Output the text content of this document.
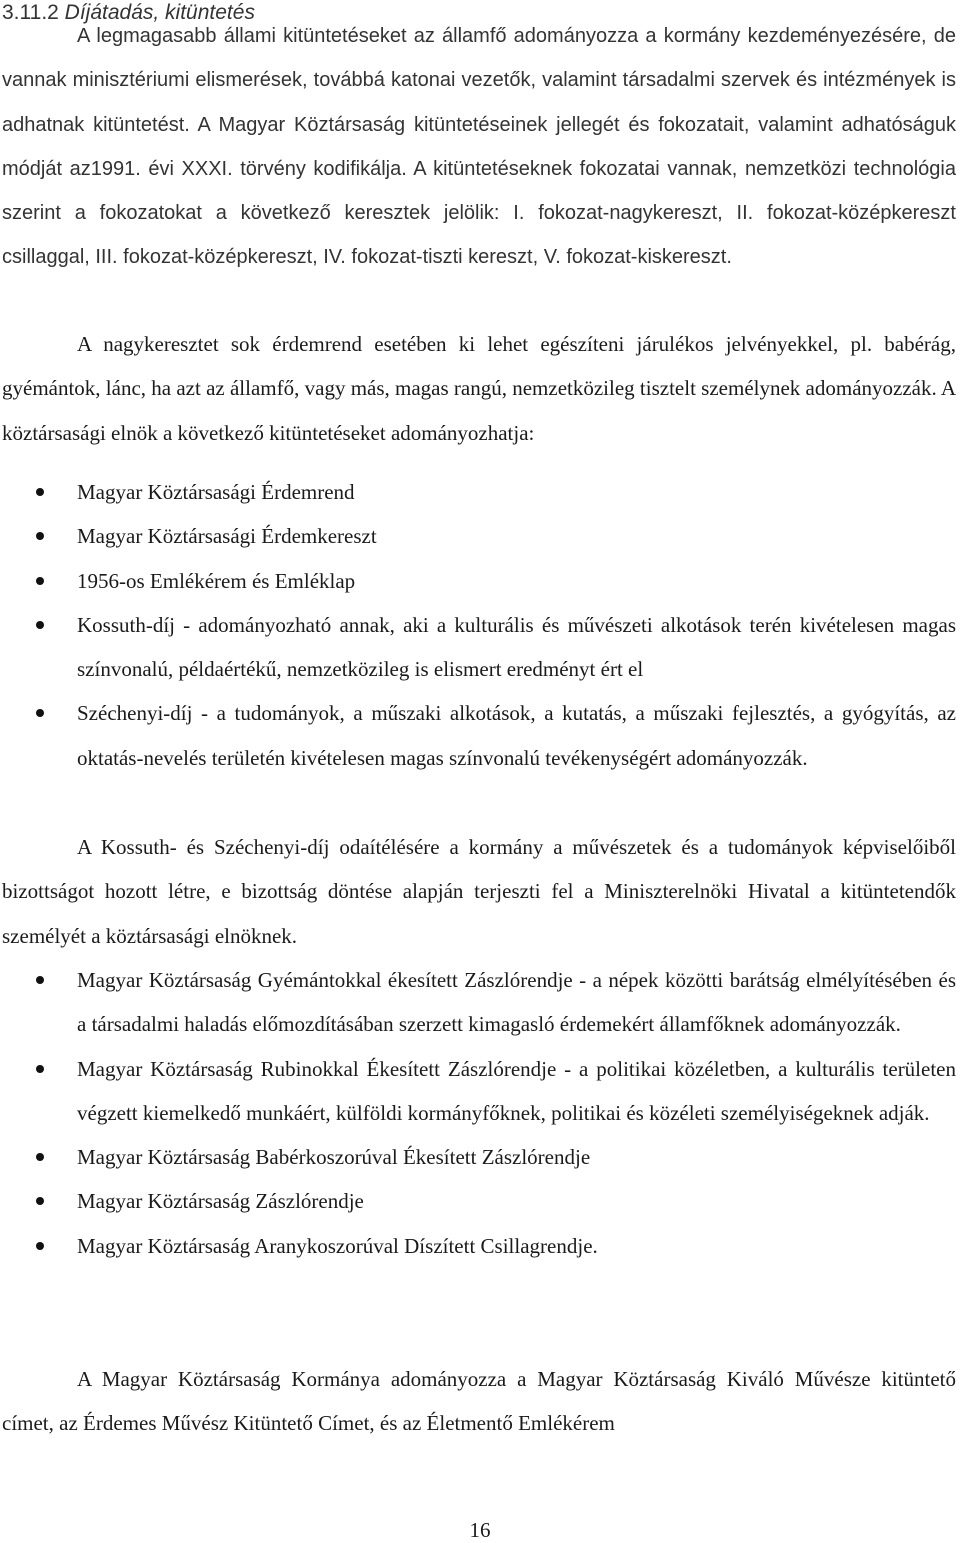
3.11.2 Díjátadás, kitüntetés

A legmagasabb állami kitüntetéseket az államfő adományozza a kormány kezdeményezésére, de vannak minisztériumi elismerések, továbbá katonai vezetők, valamint társadalmi szervek és intézmények is adhatnak kitüntetést. A Magyar Köztársaság kitüntetéseinek jellegét és fokozatait, valamint adhatóságuk módját az1991. évi XXXI. törvény kodifikálja. A kitüntetéseknek fokozatai vannak, nemzetközi technológia szerint a fokozatokat a következő keresztek jelölik: I. fokozat-nagykereszt, II. fokozat-középkereszt csillaggal, III. fokozat-középkereszt, IV. fokozat-tiszti kereszt, V. fokozat-kiskereszt.

A nagykeresztet sok érdemrend esetében ki lehet egészíteni járulékos jelvényekkel, pl. babérág, gyémántok, lánc, ha azt az államfő, vagy más, magas rangú, nemzetközileg tisztelt személynek adományozzák. A köztársasági elnök a következő kitüntetéseket adományozhatja:

Magyar Köztársasági Érdemrend
Magyar Köztársasági Érdemkereszt
1956-os Emlékérem és Emléklap
Kossuth-díj - adományozható annak, aki a kulturális és művészeti alkotások terén kivételesen magas színvonalú, példaértékű, nemzetközileg is elismert eredményt ért el
Széchenyi-díj - a tudományok, a műszaki alkotások, a kutatás, a műszaki fejlesztés, a gyógyítás, az oktatás-nevelés területén kivételesen magas színvonalú tevékenységért adományozzák.

A Kossuth- és Széchenyi-díj odaítélésére a kormány a művészetek és a tudományok képviselőiből bizottságot hozott létre, e bizottság döntése alapján terjeszti fel a Miniszterelnöki Hivatal a kitüntetendők személyét a köztársasági elnöknek.

Magyar Köztársaság Gyémántokkal ékesített Zászlórendje - a népek közötti barátság elmélyítésében és a társadalmi haladás előmozdításában szerzett kimagasló érdemekért államfőknek adományozzák.
Magyar Köztársaság Rubinokkal Ékesített Zászlórendje - a politikai közéletben, a kulturális területen végzett kiemelkedő munkáért, külföldi kormányfőknek, politikai és közéleti személyiségeknek adják.
Magyar Köztársaság Babérkoszorúval Ékesített Zászlórendje
Magyar Köztársaság Zászlórendje
Magyar Köztársaság Aranykoszorúval Díszített Csillagrendje.

A Magyar Köztársaság Kormánya adományozza a Magyar Köztársaság Kiváló Művésze kitüntető címet, az Érdemes Művész Kitüntető Címet, és az Életmentő Emlékérem

16
